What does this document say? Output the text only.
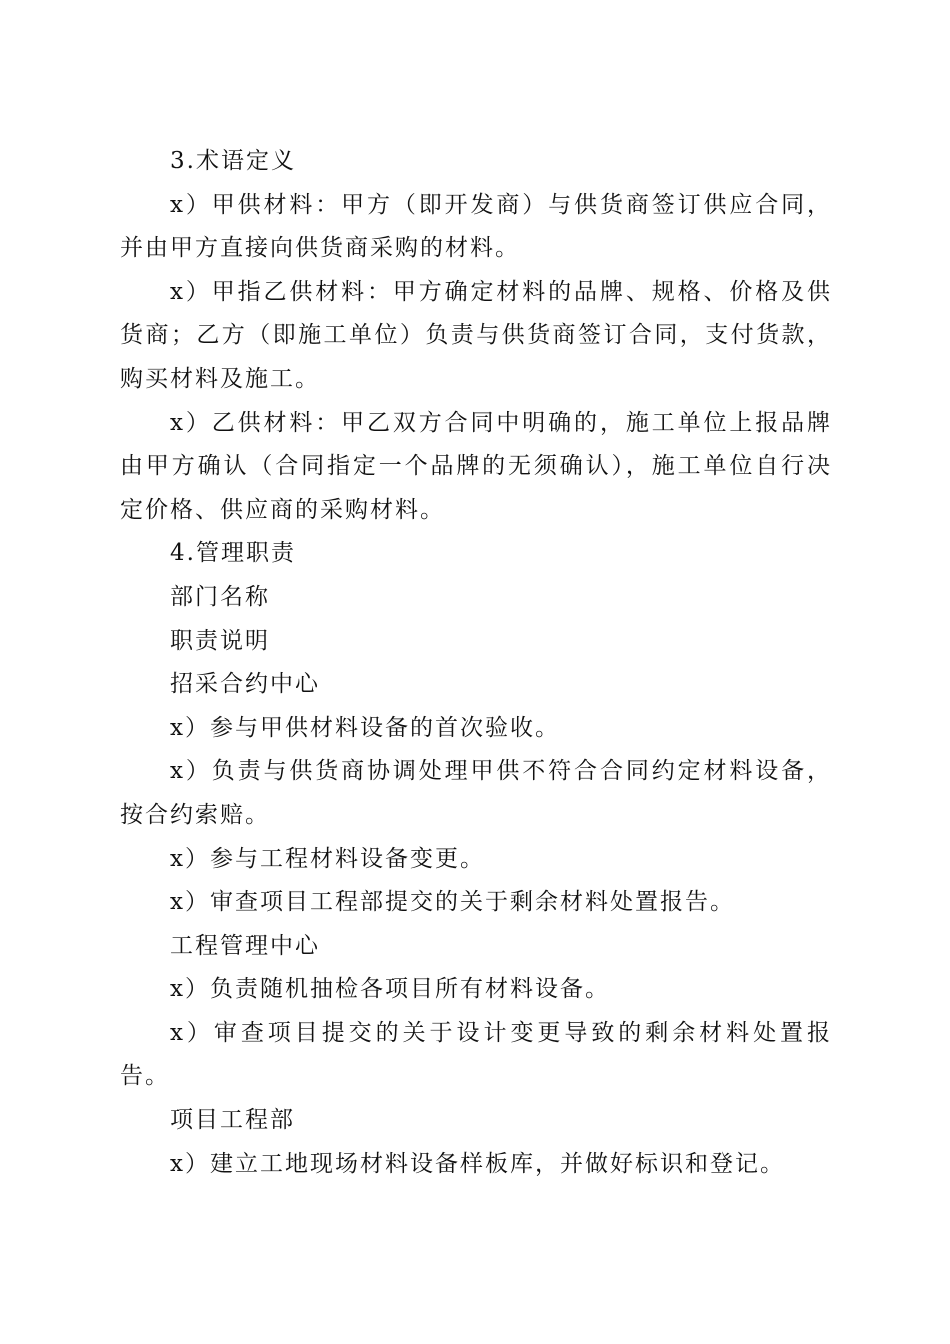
3.术语定义

x）甲供材料：甲方（即开发商）与供货商签订供应合同，并由甲方直接向供货商采购的材料。

x）甲指乙供材料：甲方确定材料的品牌、规格、价格及供货商；乙方（即施工单位）负责与供货商签订合同，支付货款，购买材料及施工。

x）乙供材料：甲乙双方合同中明确的，施工单位上报品牌由甲方确认（合同指定一个品牌的无须确认），施工单位自行决定价格、供应商的采购材料。

4.管理职责

部门名称

职责说明

招采合约中心

x）参与甲供材料设备的首次验收。

x）负责与供货商协调处理甲供不符合合同约定材料设备，按合约索赔。

x）参与工程材料设备变更。

x）审查项目工程部提交的关于剩余材料处置报告。

工程管理中心

x）负责随机抽检各项目所有材料设备。

x）审查项目提交的关于设计变更导致的剩余材料处置报告。

项目工程部

x）建立工地现场材料设备样板库，并做好标识和登记。
